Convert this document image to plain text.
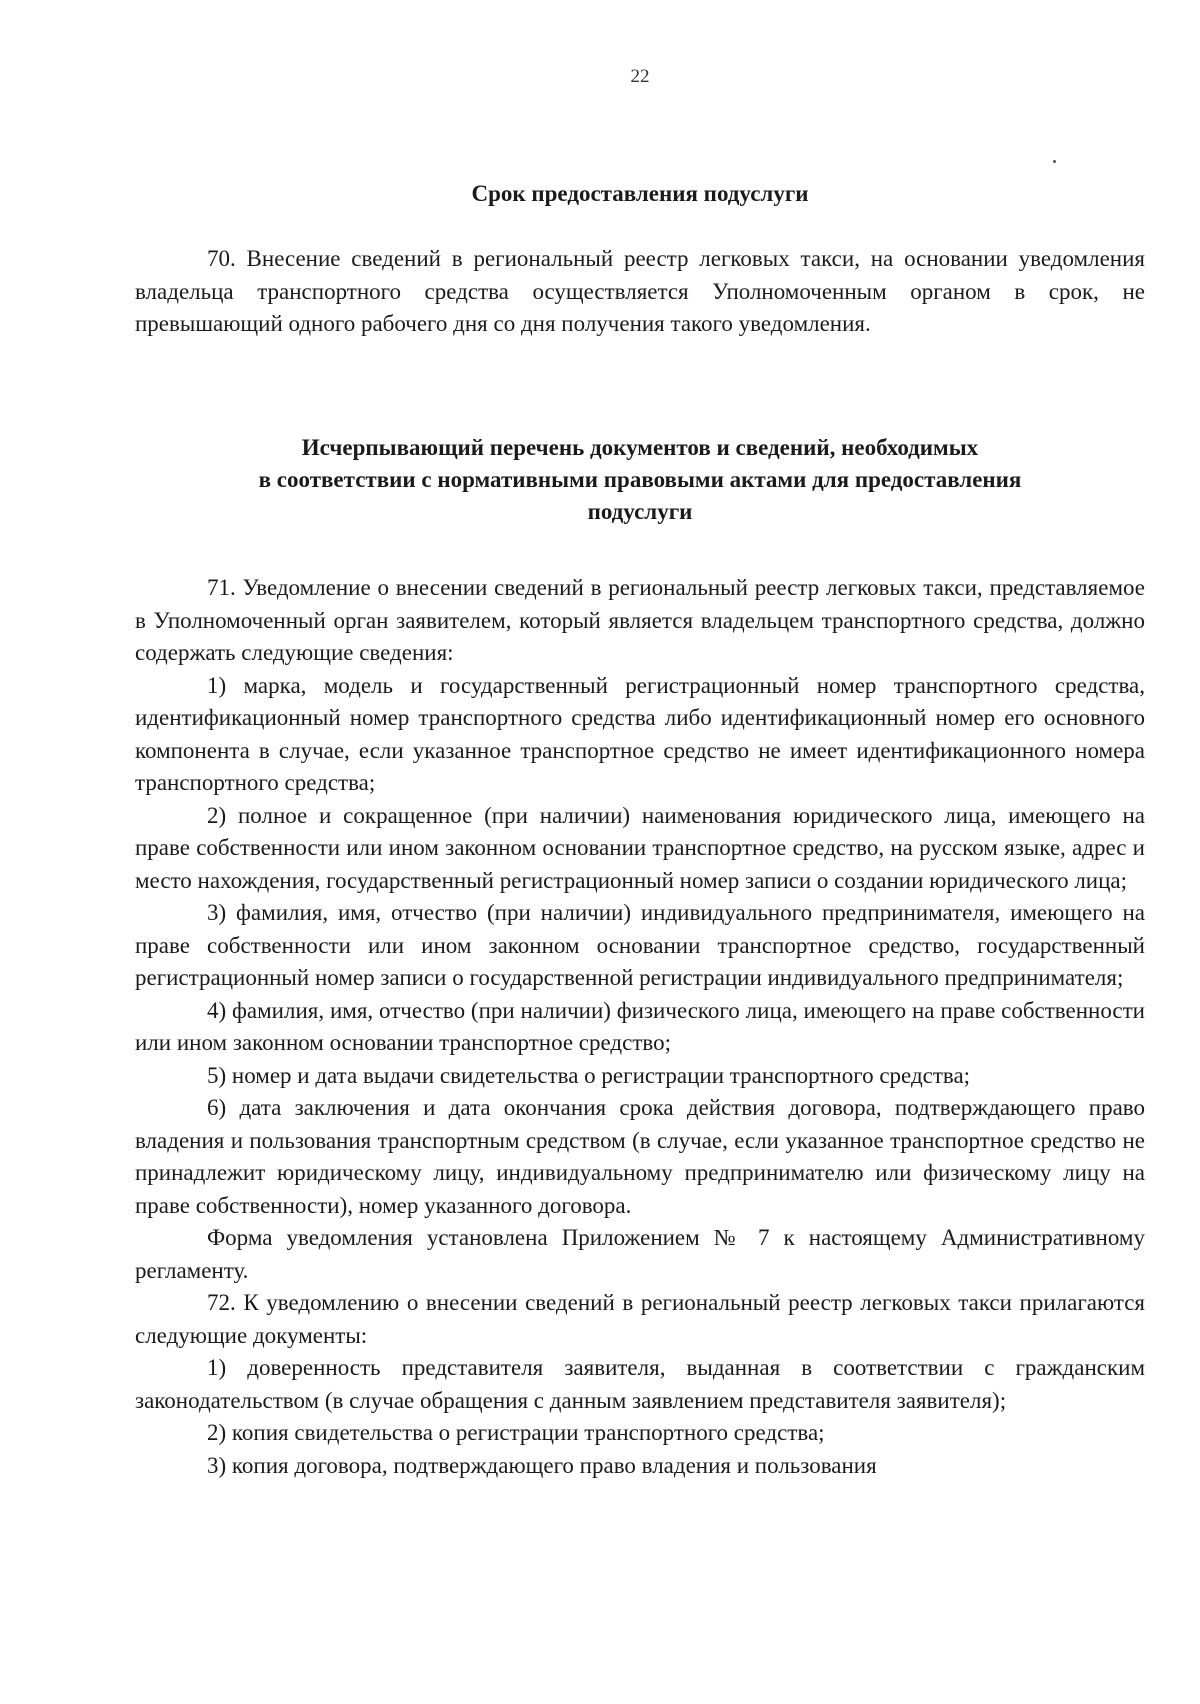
22
Срок предоставления подуслуги

70. Внесение сведений в региональный реестр легковых такси, на основании уведомления владельца транспортного средства осуществляется Уполномоченным органом в срок, не превышающий одного рабочего дня со дня получения такого уведомления.

Исчерпывающий перечень документов и сведений, необходимых
в соответствии с нормативными правовыми актами для предоставления
подуслуги

71. Уведомление о внесении сведений в региональный реестр легковых такси, представляемое в Уполномоченный орган заявителем, который является владельцем транспортного средства, должно содержать следующие сведения:

1) марка, модель и государственный регистрационный номер транспортного средства, идентификационный номер транспортного средства либо идентификационный номер его основного компонента в случае, если указанное транспортное средство не имеет идентификационного номера транспортного средства;

2) полное и сокращенное (при наличии) наименования юридического лица, имеющего на праве собственности или ином законном основании транспортное средство, на русском языке, адрес и место нахождения, государственный регистрационный номер записи о создании юридического лица;

3) фамилия, имя, отчество (при наличии) индивидуального предпринимателя, имеющего на праве собственности или ином законном основании транспортное средство, государственный регистрационный номер записи о государственной регистрации индивидуального предпринимателя;

4) фамилия, имя, отчество (при наличии) физического лица, имеющего на праве собственности или ином законном основании транспортное средство;

5) номер и дата выдачи свидетельства о регистрации транспортного средства;

6) дата заключения и дата окончания срока действия договора, подтверждающего право владения и пользования транспортным средством (в случае, если указанное транспортное средство не принадлежит юридическому лицу, индивидуальному предпринимателю или физическому лицу на праве собственности), номер указанного договора.

Форма уведомления установлена Приложением № 7 к настоящему Административному регламенту.

72. К уведомлению о внесении сведений в региональный реестр легковых такси прилагаются следующие документы:

1) доверенность представителя заявителя, выданная в соответствии с гражданским законодательством (в случае обращения с данным заявлением представителя заявителя);

2) копия свидетельства о регистрации транспортного средства;

3) копия договора, подтверждающего право владения и пользования
